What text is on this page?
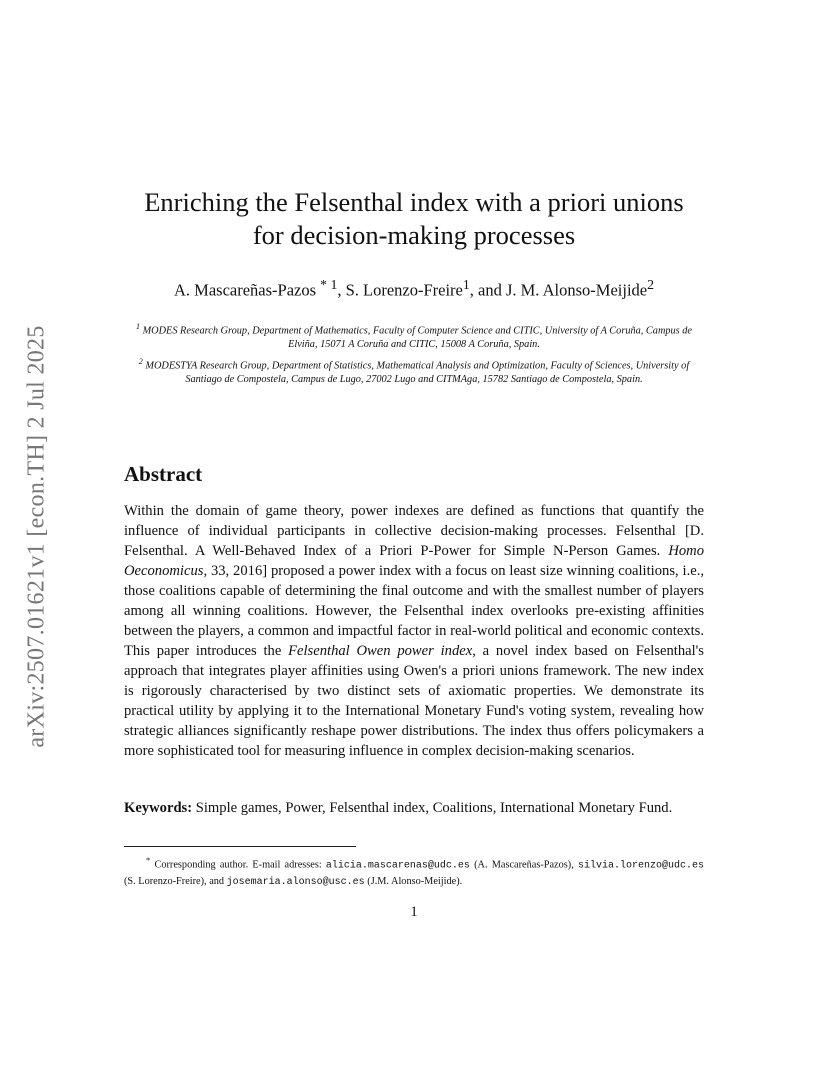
arXiv:2507.01621v1 [econ.TH] 2 Jul 2025
Enriching the Felsenthal index with a priori unions
for decision-making processes
A. Mascareñas-Pazos $^{* 1}$, S. Lorenzo-Freire$^1$, and J. M. Alonso-Meijide$^2$
$^1$ MODES Research Group, Department of Mathematics, Faculty of Computer Science and CITIC, University of A Coruña, Campus de Elviña, 15071 A Coruña and CITIC, 15008 A Coruña, Spain.
$^2$ MODESTYA Research Group, Department of Statistics, Mathematical Analysis and Optimization, Faculty of Sciences, University of Santiago de Compostela, Campus de Lugo, 27002 Lugo and CITMAga, 15782 Santiago de Compostela, Spain.
Abstract

Within the domain of game theory, power indexes are defined as functions that quantify the influence of individual participants in collective decision-making processes. Felsenthal [D. Felsenthal. A Well-Behaved Index of a Priori P-Power for Simple N-Person Games. Homo Oeconomicus, 33, 2016] proposed a power index with a focus on least size winning coalitions, i.e., those coalitions capable of determining the final outcome and with the smallest number of players among all winning coalitions. However, the Felsenthal index overlooks pre-existing affinities between the players, a common and impactful factor in real-world political and economic contexts. This paper introduces the Felsenthal Owen power index, a novel index based on Felsenthal's approach that integrates player affinities using Owen's a priori unions framework. The new index is rigorously characterised by two distinct sets of axiomatic properties. We demonstrate its practical utility by applying it to the International Monetary Fund's voting system, revealing how strategic alliances significantly reshape power distributions. The index thus offers policymakers a more sophisticated tool for measuring influence in complex decision-making scenarios.

Keywords: Simple games, Power, Felsenthal index, Coalitions, International Monetary Fund.

* Corresponding author. E-mail adresses: alicia.mascarenas@udc.es (A. Mascareñas-Pazos), silvia.lorenzo@udc.es (S. Lorenzo-Freire), and josemaria.alonso@usc.es (J.M. Alonso-Meijide).

1
